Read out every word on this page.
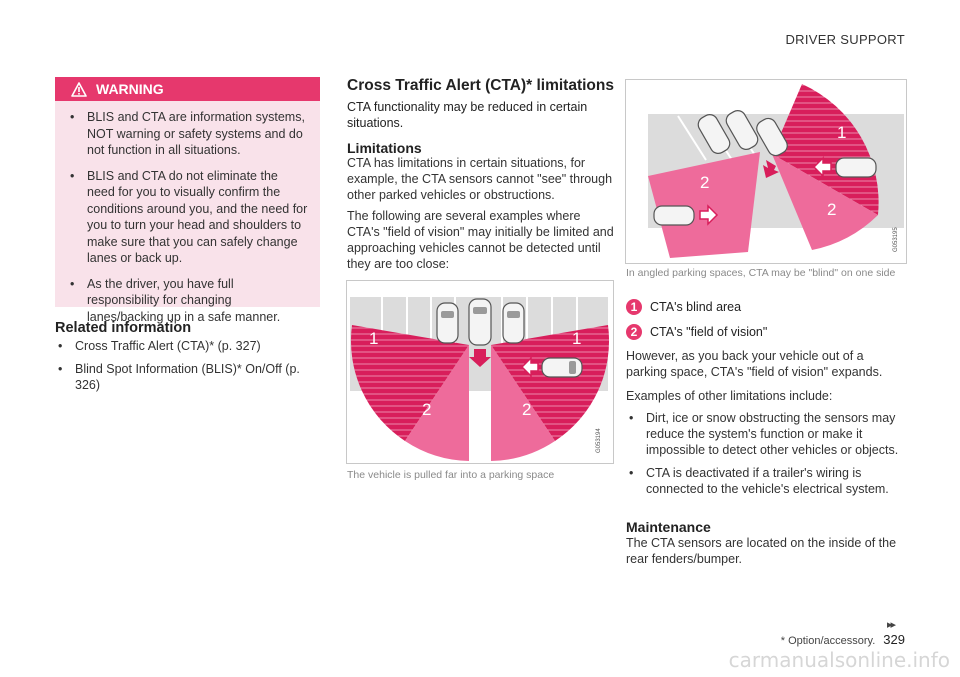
DRIVER SUPPORT
WARNING
• BLIS and CTA are information systems, NOT warning or safety systems and do not function in all situations.
• BLIS and CTA do not eliminate the need for you to visually confirm the conditions around you, and the need for you to turn your head and shoulders to make sure that you can safely change lanes or back up.
• As the driver, you have full responsibility for changing lanes/backing up in a safe manner.
Related information
• Cross Traffic Alert (CTA)* (p. 327)
• Blind Spot Information (BLIS)* On/Off (p. 326)
Cross Traffic Alert (CTA)* limitations
CTA functionality may be reduced in certain situations.
Limitations
CTA has limitations in certain situations, for example, the CTA sensors cannot "see" through other parked vehicles or obstructions.
The following are several examples where CTA's "field of vision" may initially be limited and approaching vehicles cannot be detected until they are too close:
1	1
2	2
G053194
The vehicle is pulled far into a parking space
1
2
2
G053195
In angled parking spaces, CTA may be "blind" on one side
1	CTA's blind area
2	CTA's "field of vision"
However, as you back your vehicle out of a parking space, CTA's "field of vision" expands.
Examples of other limitations include:
• Dirt, ice or snow obstructing the sensors may reduce the system's function or make it impossible to detect other vehicles or objects.
• CTA is deactivated if a trailer's wiring is connected to the vehicle's electrical system.
Maintenance
The CTA sensors are located on the inside of the rear fenders/bumper.
▸▸
* Option/accessory. 329
carmanualsonline.info
